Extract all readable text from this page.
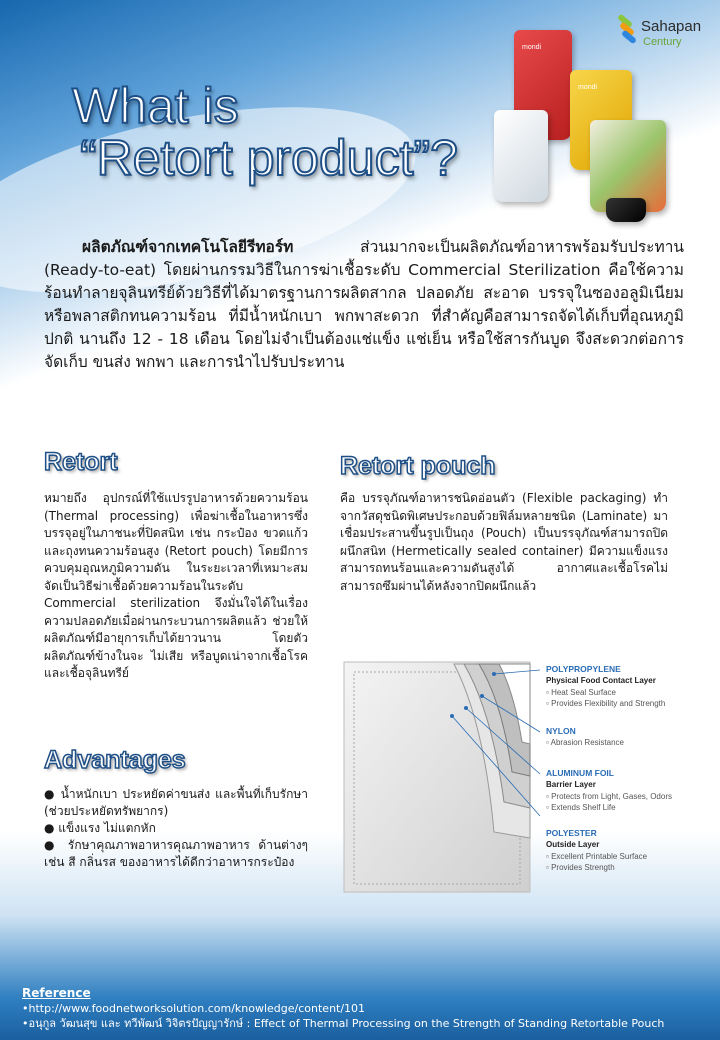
Sahapan
Century

What is

“Retort product”?

mondi
mondi

ผลิตภัณฑ์จากเทคโนโลยีรีทอร์ท ส่วนมากจะเป็นผลิตภัณฑ์อาหารพร้อมรับประทาน (Ready-to-eat) โดยผ่านกรรมวิธีในการฆ่าเชื้อระดับ Commercial Sterilization คือใช้ความร้อนทำลายจุลินทรีย์ด้วยวิธีที่ได้มาตรฐานการผลิตสากล ปลอดภัย สะอาด บรรจุในซองอลูมิเนียมหรือพลาสติกทนความร้อน ที่มีน้ำหนักเบา พกพาสะดวก ที่สำคัญคือสามารถจัดได้เก็บที่อุณหภูมิปกติ นานถึง 12 - 18 เดือน โดยไม่จำเป็นต้องแช่แข็ง แช่เย็น หรือใช้สารกันบูด จึงสะดวกต่อการจัดเก็บ ขนส่ง พกพา และการนำไปรับประทาน

Retort

หมายถึง อุปกรณ์ที่ใช้แปรรูปอาหารด้วยความร้อน (Thermal processing) เพื่อฆ่าเชื้อในอาหารซึ่งบรรจุอยู่ในภาชนะที่ปิดสนิท เช่น กระป๋อง ขวดแก้ว และถุงทนความร้อนสูง (Retort pouch) โดยมีการควบคุมอุณหภูมิความดัน ในระยะเวลาที่เหมาะสม จัดเป็นวิธีฆ่าเชื้อด้วยความร้อนในระดับ Commercial sterilization จึงมั่นใจได้ในเรื่องความปลอดภัยเมื่อผ่านกระบวนการผลิตแล้ว ช่วยให้ผลิตภัณฑ์มีอายุการเก็บได้ยาวนาน โดยตัวผลิตภัณฑ์ข้างในจะ ไม่เสีย หรือบูดเน่าจากเชื้อโรคและเชื้อจุลินทรีย์

Retort pouch

คือ บรรจุภัณฑ์อาหารชนิดอ่อนตัว (Flexible packaging) ทำจากวัสดุชนิดพิเศษประกอบด้วยฟิล์มหลายชนิด (Laminate) มาเชื่อมประสานขึ้นรูปเป็นถุง (Pouch) เป็นบรรจุภัณฑ์สามารถปิดผนึกสนิท (Hermetically sealed container) มีความแข็งแรงสามารถทนร้อนและความดันสูงได้ อากาศและเชื้อโรคไม่สามารถซึมผ่านได้หลังจากปิดผนึกแล้ว

Advantages
● น้ำหนักเบา ประหยัดค่าขนส่ง และพื้นที่เก็บรักษา (ช่วยประหยัดทรัพยากร)
● แข็งแรง ไม่แตกหัก
● รักษาคุณภาพอาหารคุณภาพอาหาร ด้านต่างๆ เช่น สี กลิ่นรส ของอาหารได้ดีกว่าอาหารกระป๋อง
POLYPROPYLENE
Physical Food Contact Layer
▫ Heat Seal Surface
▫ Provides Flexibility and Strength
NYLON
▫ Abrasion Resistance
ALUMINUM FOIL
Barrier Layer
▫ Protects from Light, Gases, Odors
▫ Extends Shelf Life
POLYESTER
Outside Layer
▫ Excellent Printable Surface
▫ Provides Strength

Reference

•http://www.foodnetworksolution.com/knowledge/content/101

•อนุกูล วัฒนสุข และ ทวีพัฒน์ วิจิตรปัญญารักษ์ : Effect of Thermal Processing on the Strength of Standing Retortable Pouch
